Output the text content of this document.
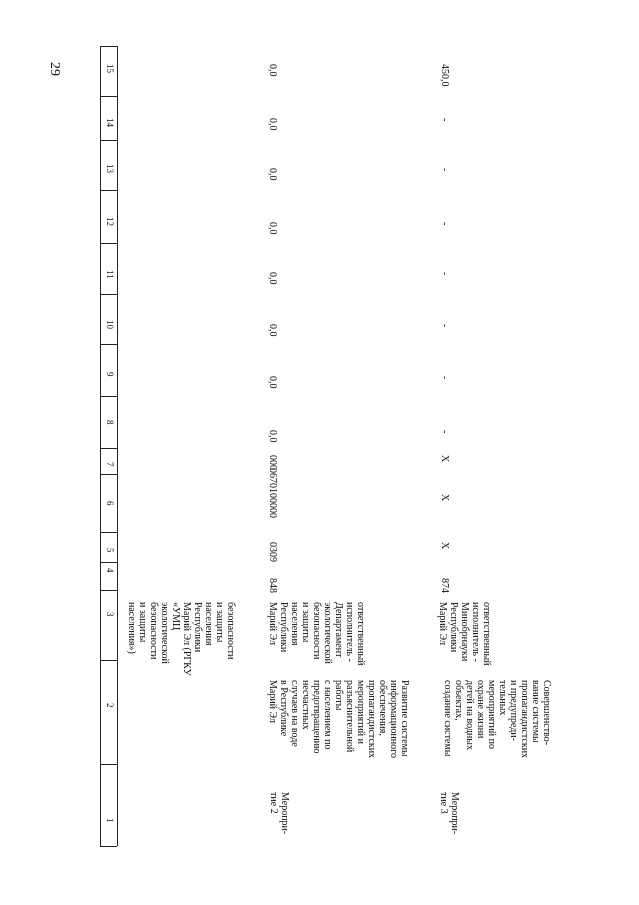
29
1
2
3
4
5
6
7
8
9
10
11
12
13
14
15
безопасности
и защиты
населения
Республики
Марий Эл (РГКУ
«УМЦ
экологической
безопасности
и защиты
населения»)
Меропри-
тие 2
Развитие системы
информационного
обеспечения,
пропагандистских
мероприятий и
разъяснительной
работы
с населением по
предотвращению
несчастных
случаев на воде
в Республике
Марий Эл
ответственный
исполнитель -
Департамент
экологической
безопасности
и защиты
населения
Республики
Марий Эл
848
0309
0670100000
000
0,0
0,0
0,0
0,0
0,0
0,0
0,0
0,0
Меропри-
тие 3
Совершенство-
вание системы
пропагандистских
и предупреди-
тельных
мероприятий по
охране жизни
детей на водных
объектах,
создание системы
ответственный
исполнитель -
Минобрнауки
Республики
Марий Эл
874
X
X
X
-
-
-
-
-
-
-
450,0
